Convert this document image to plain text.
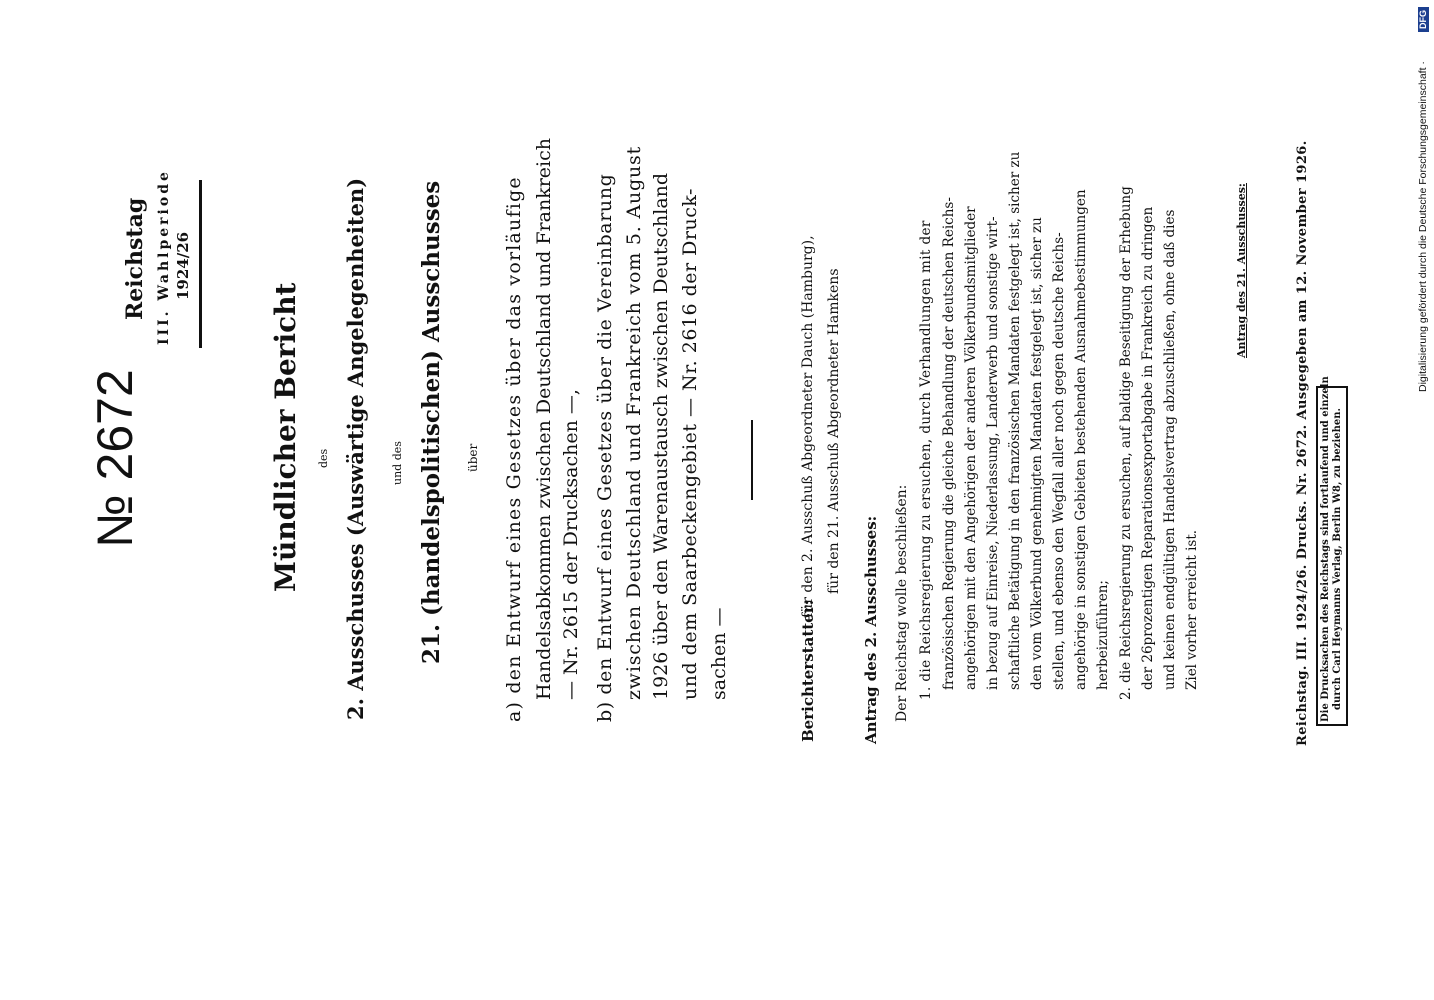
№ 2672
Reichstag III. Wahlperiode 1924/26
Mündlicher Bericht des 2. Ausschusses (Auswärtige Angelegenheiten) und des 21. (handelspolitischen) Ausschusses über a) den Entwurf eines Gesetzes über das vorläufige Handelsabkommen zwischen Deutschland und Frankreich — Nr. 2615 der Drucksachen —, b) den Entwurf eines Gesetzes über die Vereinbarung zwischen Deutschland und Frankreich vom 5. August 1926 über den Warenaustausch zwischen Deutschland und dem Saarbeckengebiet — Nr. 2616 der Druck- sachen —	Berichterstatter:
für den 2. Ausschuß Abgeordneter Dauch (Hamburg), für den 21. Ausschuß Abgeordneter Hamkens
Antrag des 2. Ausschusses: Der Reichstag wolle beschließen: 1. die Reichsregierung zu ersuchen, durch Verhandlungen mit der französischen Regierung die gleiche Behandlung der deutschen Reichs- angehörigen mit den Angehörigen der anderen Völkerbundsmitglieder in bezug auf Einreise, Niederlassung, Landerwerb und sonstige wirt- schaftliche Betätigung in den französischen Mandaten festgelegt ist, sicher zu den vom Völkerbund genehmigten Mandaten festgelegt ist, sicher zu stellen, und ebenso den Wegfall aller noch gegen deutsche Reichs- angehörige in sonstigen Gebieten bestehenden Ausnahmebestimmungen herbeizuführen; 2. die Reichsregierung zu ersuchen, auf baldige Beseitigung der Erhebung der 26prozentigen Reparationsexportabgabe in Frankreich zu dringen und keinen endgültigen Handelsvertrag abzuschließen, ohne daß dies Ziel vorher erreicht ist.
Antrag des 21. Ausschusses:	Reichstag. III. 1924/26. Drucks. Nr. 2672. Ausgegeben am 12. November 1926. Die Drucksachen des Reichstags sind fortlaufend und einzeln durch Carl Heymanns Verlag, Berlin W8, zu beziehen.
Digitalisierung gefördert durch die Deutsche Forschungsgemeinschaft ·
DFG
